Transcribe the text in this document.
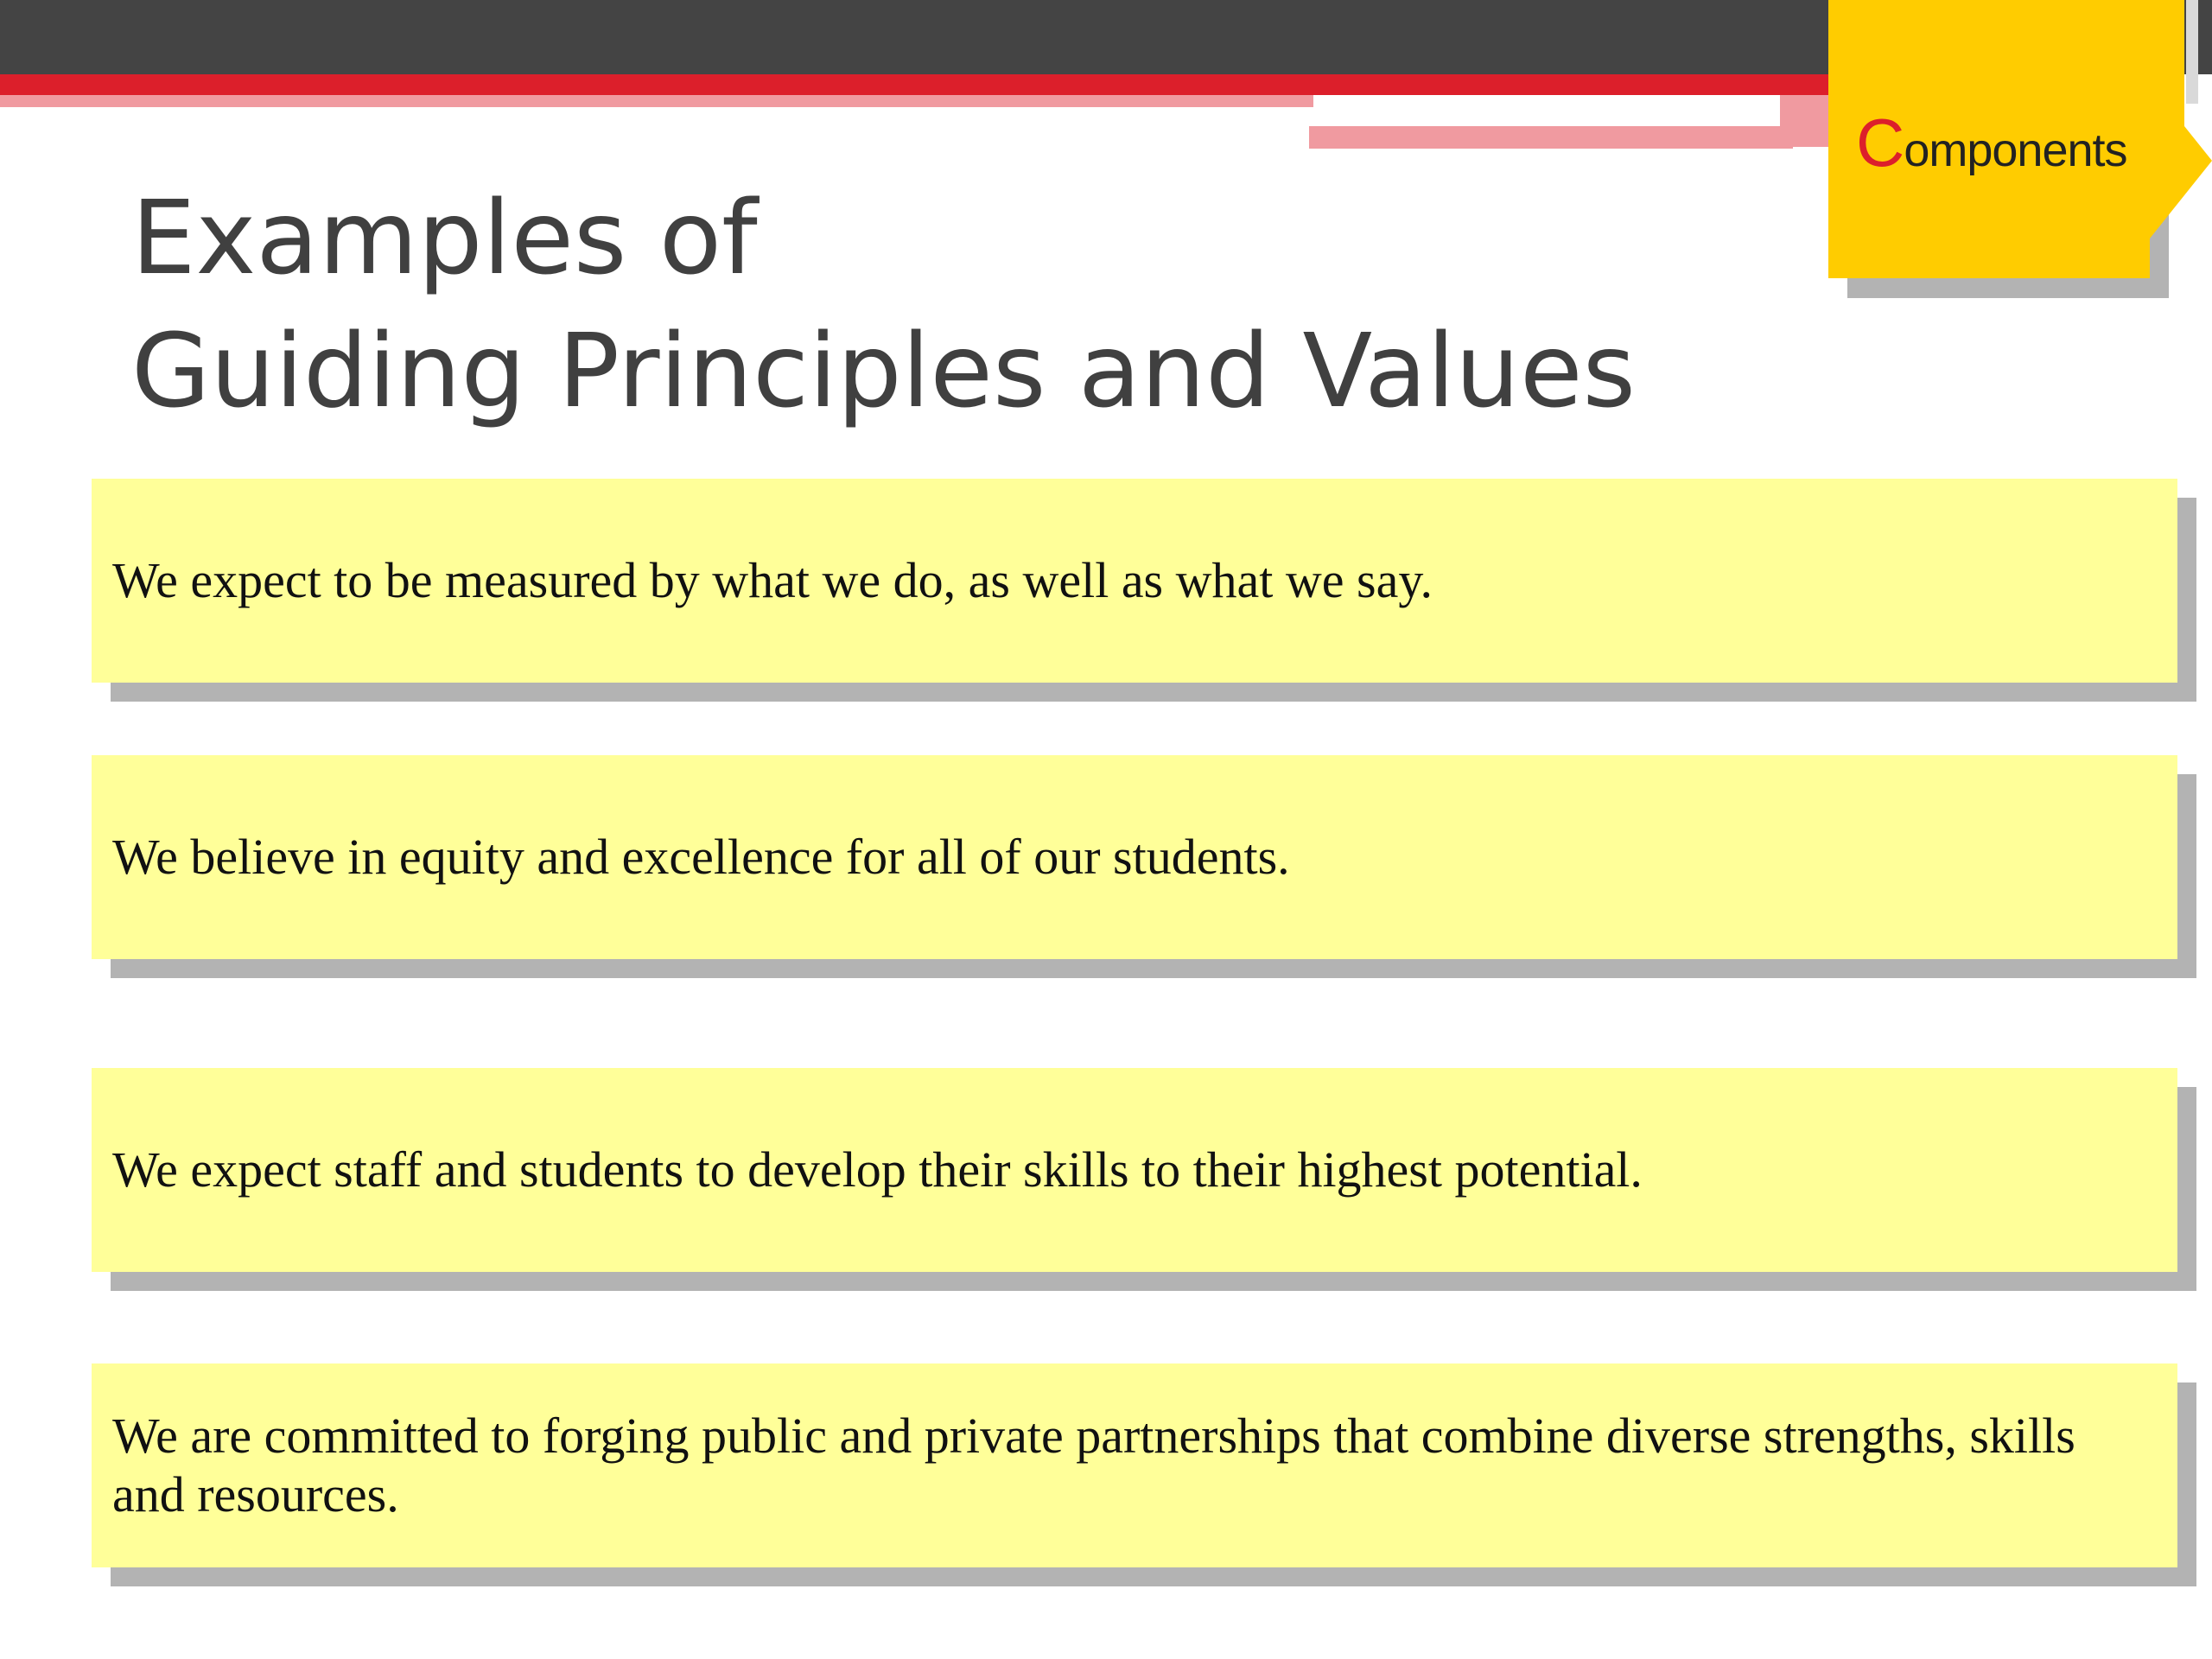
Components
Examples of
Guiding Principles and Values
We expect to be measured by what we do, as well as what we say.
We believe in equity and excellence for all of our students.
We expect staff and students to develop their skills to their highest potential.
We are committed to forging public and private partnerships that combine diverse strengths, skills and resources.
